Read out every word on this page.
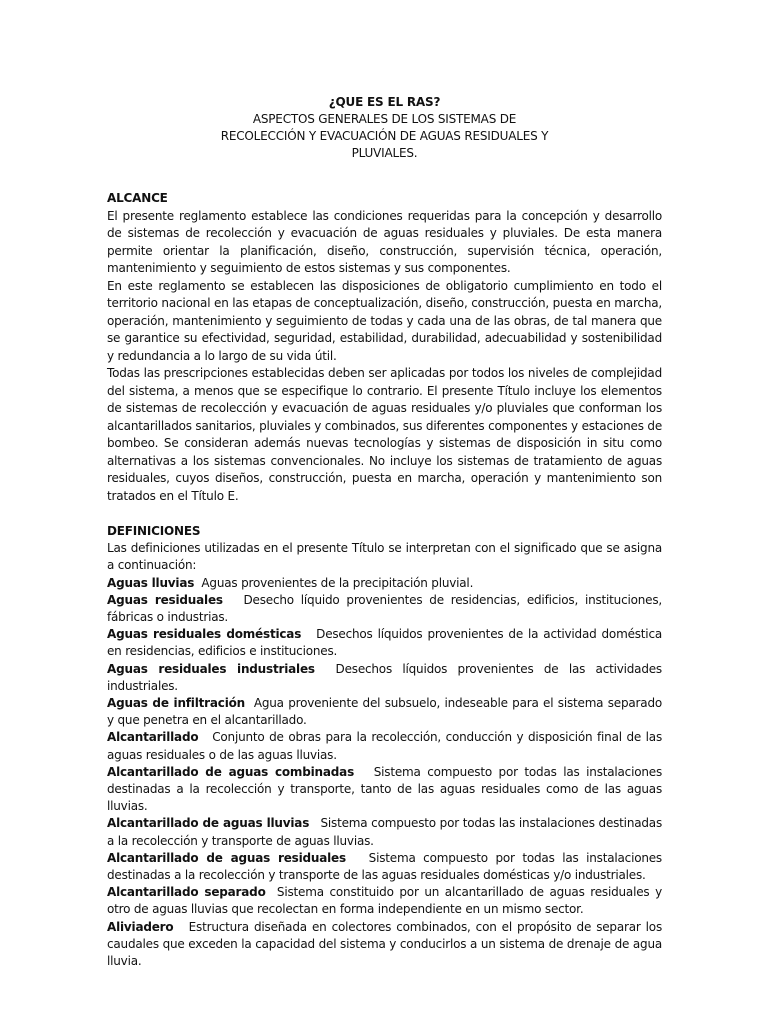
¿QUE ES EL RAS?
ASPECTOS GENERALES DE LOS SISTEMAS DE
RECOLECCIÓN Y EVACUACIÓN DE AGUAS RESIDUALES Y
PLUVIALES.
ALCANCE
El presente reglamento establece las condiciones requeridas para la concepción y desarrollo de sistemas de recolección y evacuación de aguas residuales y pluviales. De esta manera permite orientar la planificación, diseño, construcción, supervisión técnica, operación, mantenimiento y seguimiento de estos sistemas y sus componentes.
En este reglamento se establecen las disposiciones de obligatorio cumplimiento en todo el territorio nacional en las etapas de conceptualización, diseño, construcción, puesta en marcha, operación, mantenimiento y seguimiento de todas y cada una de las obras, de tal manera que se garantice su efectividad, seguridad, estabilidad, durabilidad, adecuabilidad y sostenibilidad y redundancia a lo largo de su vida útil.
Todas las prescripciones establecidas deben ser aplicadas por todos los niveles de complejidad del sistema, a menos que se especifique lo contrario. El presente Título incluye los elementos de sistemas de recolección y evacuación de aguas residuales y/o pluviales que conforman los alcantarillados sanitarios, pluviales y combinados, sus diferentes componentes y estaciones de bombeo. Se consideran además nuevas tecnologías y sistemas de disposición in situ como alternativas a los sistemas convencionales. No incluye los sistemas de tratamiento de aguas residuales, cuyos diseños, construcción, puesta en marcha, operación y mantenimiento son tratados en el Título E.
DEFINICIONES
Las definiciones utilizadas en el presente Título se interpretan con el significado que se asigna a continuación:
Aguas lluvias Aguas provenientes de la precipitación pluvial.
Aguas residuales Desecho líquido provenientes de residencias, edificios, instituciones, fábricas o industrias.
Aguas residuales domésticas Desechos líquidos provenientes de la actividad doméstica en residencias, edificios e instituciones.
Aguas residuales industriales Desechos líquidos provenientes de las actividades industriales.
Aguas de infiltración Agua proveniente del subsuelo, indeseable para el sistema separado y que penetra en el alcantarillado.
Alcantarillado Conjunto de obras para la recolección, conducción y disposición final de las aguas residuales o de las aguas lluvias.
Alcantarillado de aguas combinadas Sistema compuesto por todas las instalaciones destinadas a la recolección y transporte, tanto de las aguas residuales como de las aguas lluvias.
Alcantarillado de aguas lluvias Sistema compuesto por todas las instalaciones destinadas a la recolección y transporte de aguas lluvias.
Alcantarillado de aguas residuales Sistema compuesto por todas las instalaciones destinadas a la recolección y transporte de las aguas residuales domésticas y/o industriales.
Alcantarillado separado Sistema constituido por un alcantarillado de aguas residuales y otro de aguas lluvias que recolectan en forma independiente en un mismo sector.
Aliviadero Estructura diseñada en colectores combinados, con el propósito de separar los caudales que exceden la capacidad del sistema y conducirlos a un sistema de drenaje de agua lluvia.
